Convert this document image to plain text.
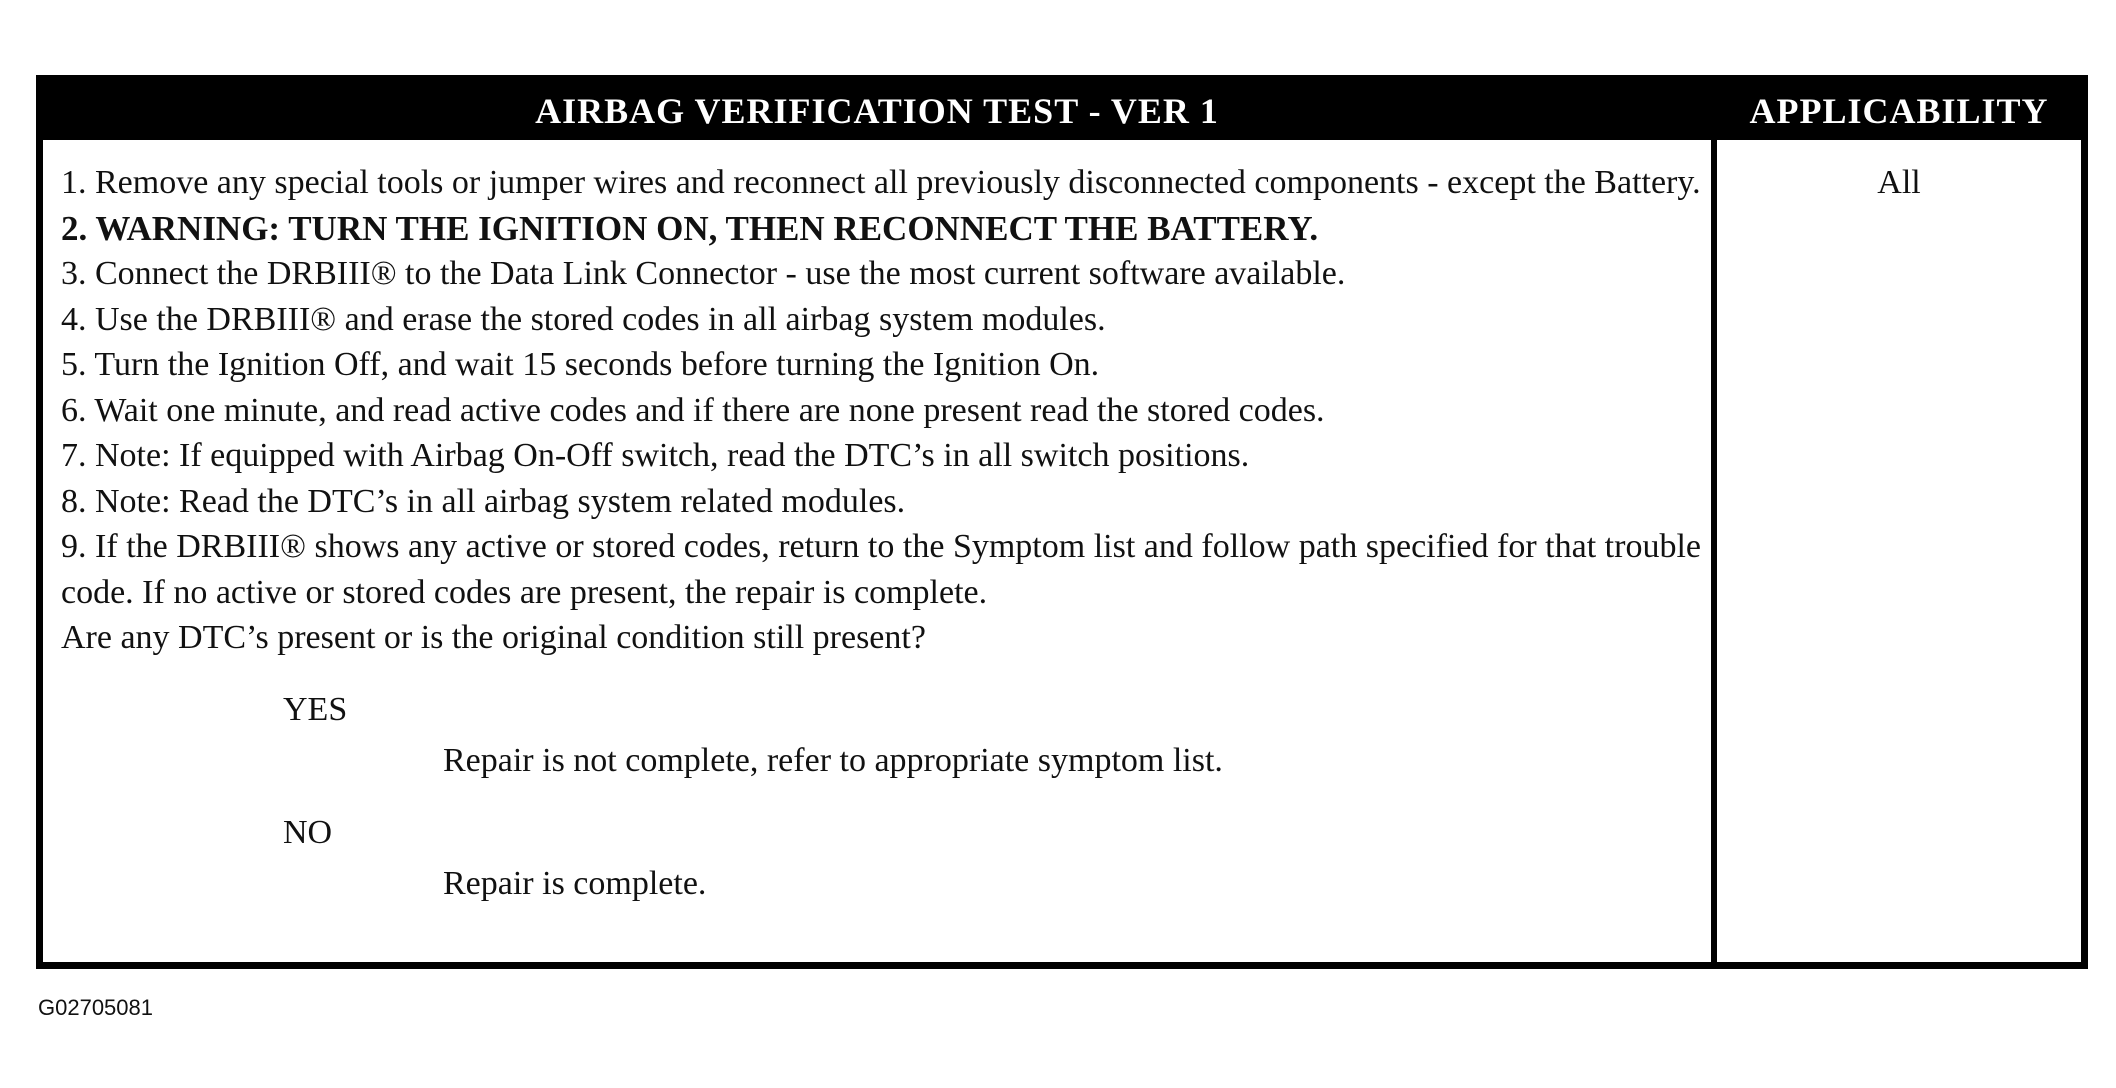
AIRBAG VERIFICATION TEST - VER 1	APPLICABILITY

1. Remove any special tools or jumper wires and reconnect all previously disconnected components - except the Battery.

2. WARNING: TURN THE IGNITION ON, THEN RECONNECT THE BATTERY.

3. Connect the DRBIII® to the Data Link Connector - use the most current software available.

4. Use the DRBIII® and erase the stored codes in all airbag system modules.

5. Turn the Ignition Off, and wait 15 seconds before turning the Ignition On.

6. Wait one minute, and read active codes and if there are none present read the stored codes.

7. Note: If equipped with Airbag On-Off switch, read the DTC’s in all switch positions.

8. Note: Read the DTC’s in all airbag system related modules.

9. If the DRBIII® shows any active or stored codes, return to the Symptom list and follow path specified for that trouble code. If no active or stored codes are present, the repair is complete.

Are any DTC’s present or is the original condition still present?

YES

Repair is not complete, refer to appropriate symptom list.

NO

Repair is complete.

All
G02705081
